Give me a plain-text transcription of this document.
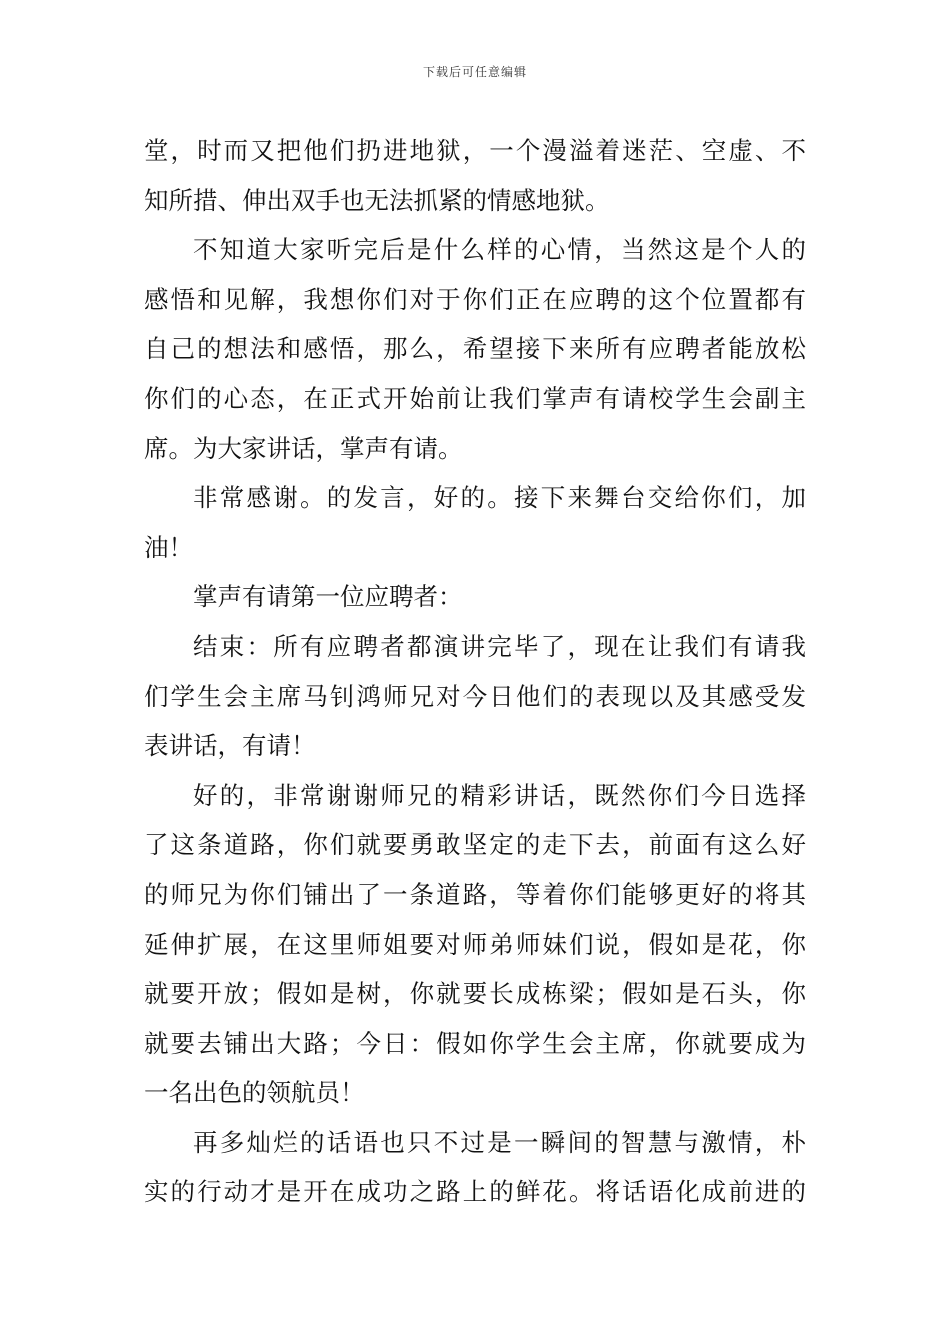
下载后可任意编辑

堂，时而又把他们扔进地狱，一个漫溢着迷茫、空虚、不
知所措、伸出双手也无法抓紧的情感地狱。

不知道大家听完后是什么样的心情，当然这是个人的
感悟和见解，我想你们对于你们正在应聘的这个位置都有
自己的想法和感悟，那么，希望接下来所有应聘者能放松
你们的心态，在正式开始前让我们掌声有请校学生会副主
席。为大家讲话，掌声有请。

非常感谢。的发言，好的。接下来舞台交给你们，加
油！

掌声有请第一位应聘者：

结束：所有应聘者都演讲完毕了，现在让我们有请我
们学生会主席马钊鸿师兄对今日他们的表现以及其感受发
表讲话，有请！

好的，非常谢谢师兄的精彩讲话，既然你们今日选择
了这条道路，你们就要勇敢坚定的走下去，前面有这么好
的师兄为你们铺出了一条道路，等着你们能够更好的将其
延伸扩展，在这里师姐要对师弟师妹们说，假如是花，你
就要开放；假如是树，你就要长成栋梁；假如是石头，你
就要去铺出大路；今日：假如你学生会主席，你就要成为
一名出色的领航员！

再多灿烂的话语也只不过是一瞬间的智慧与激情，朴
实的行动才是开在成功之路上的鲜花。将话语化成前进的
